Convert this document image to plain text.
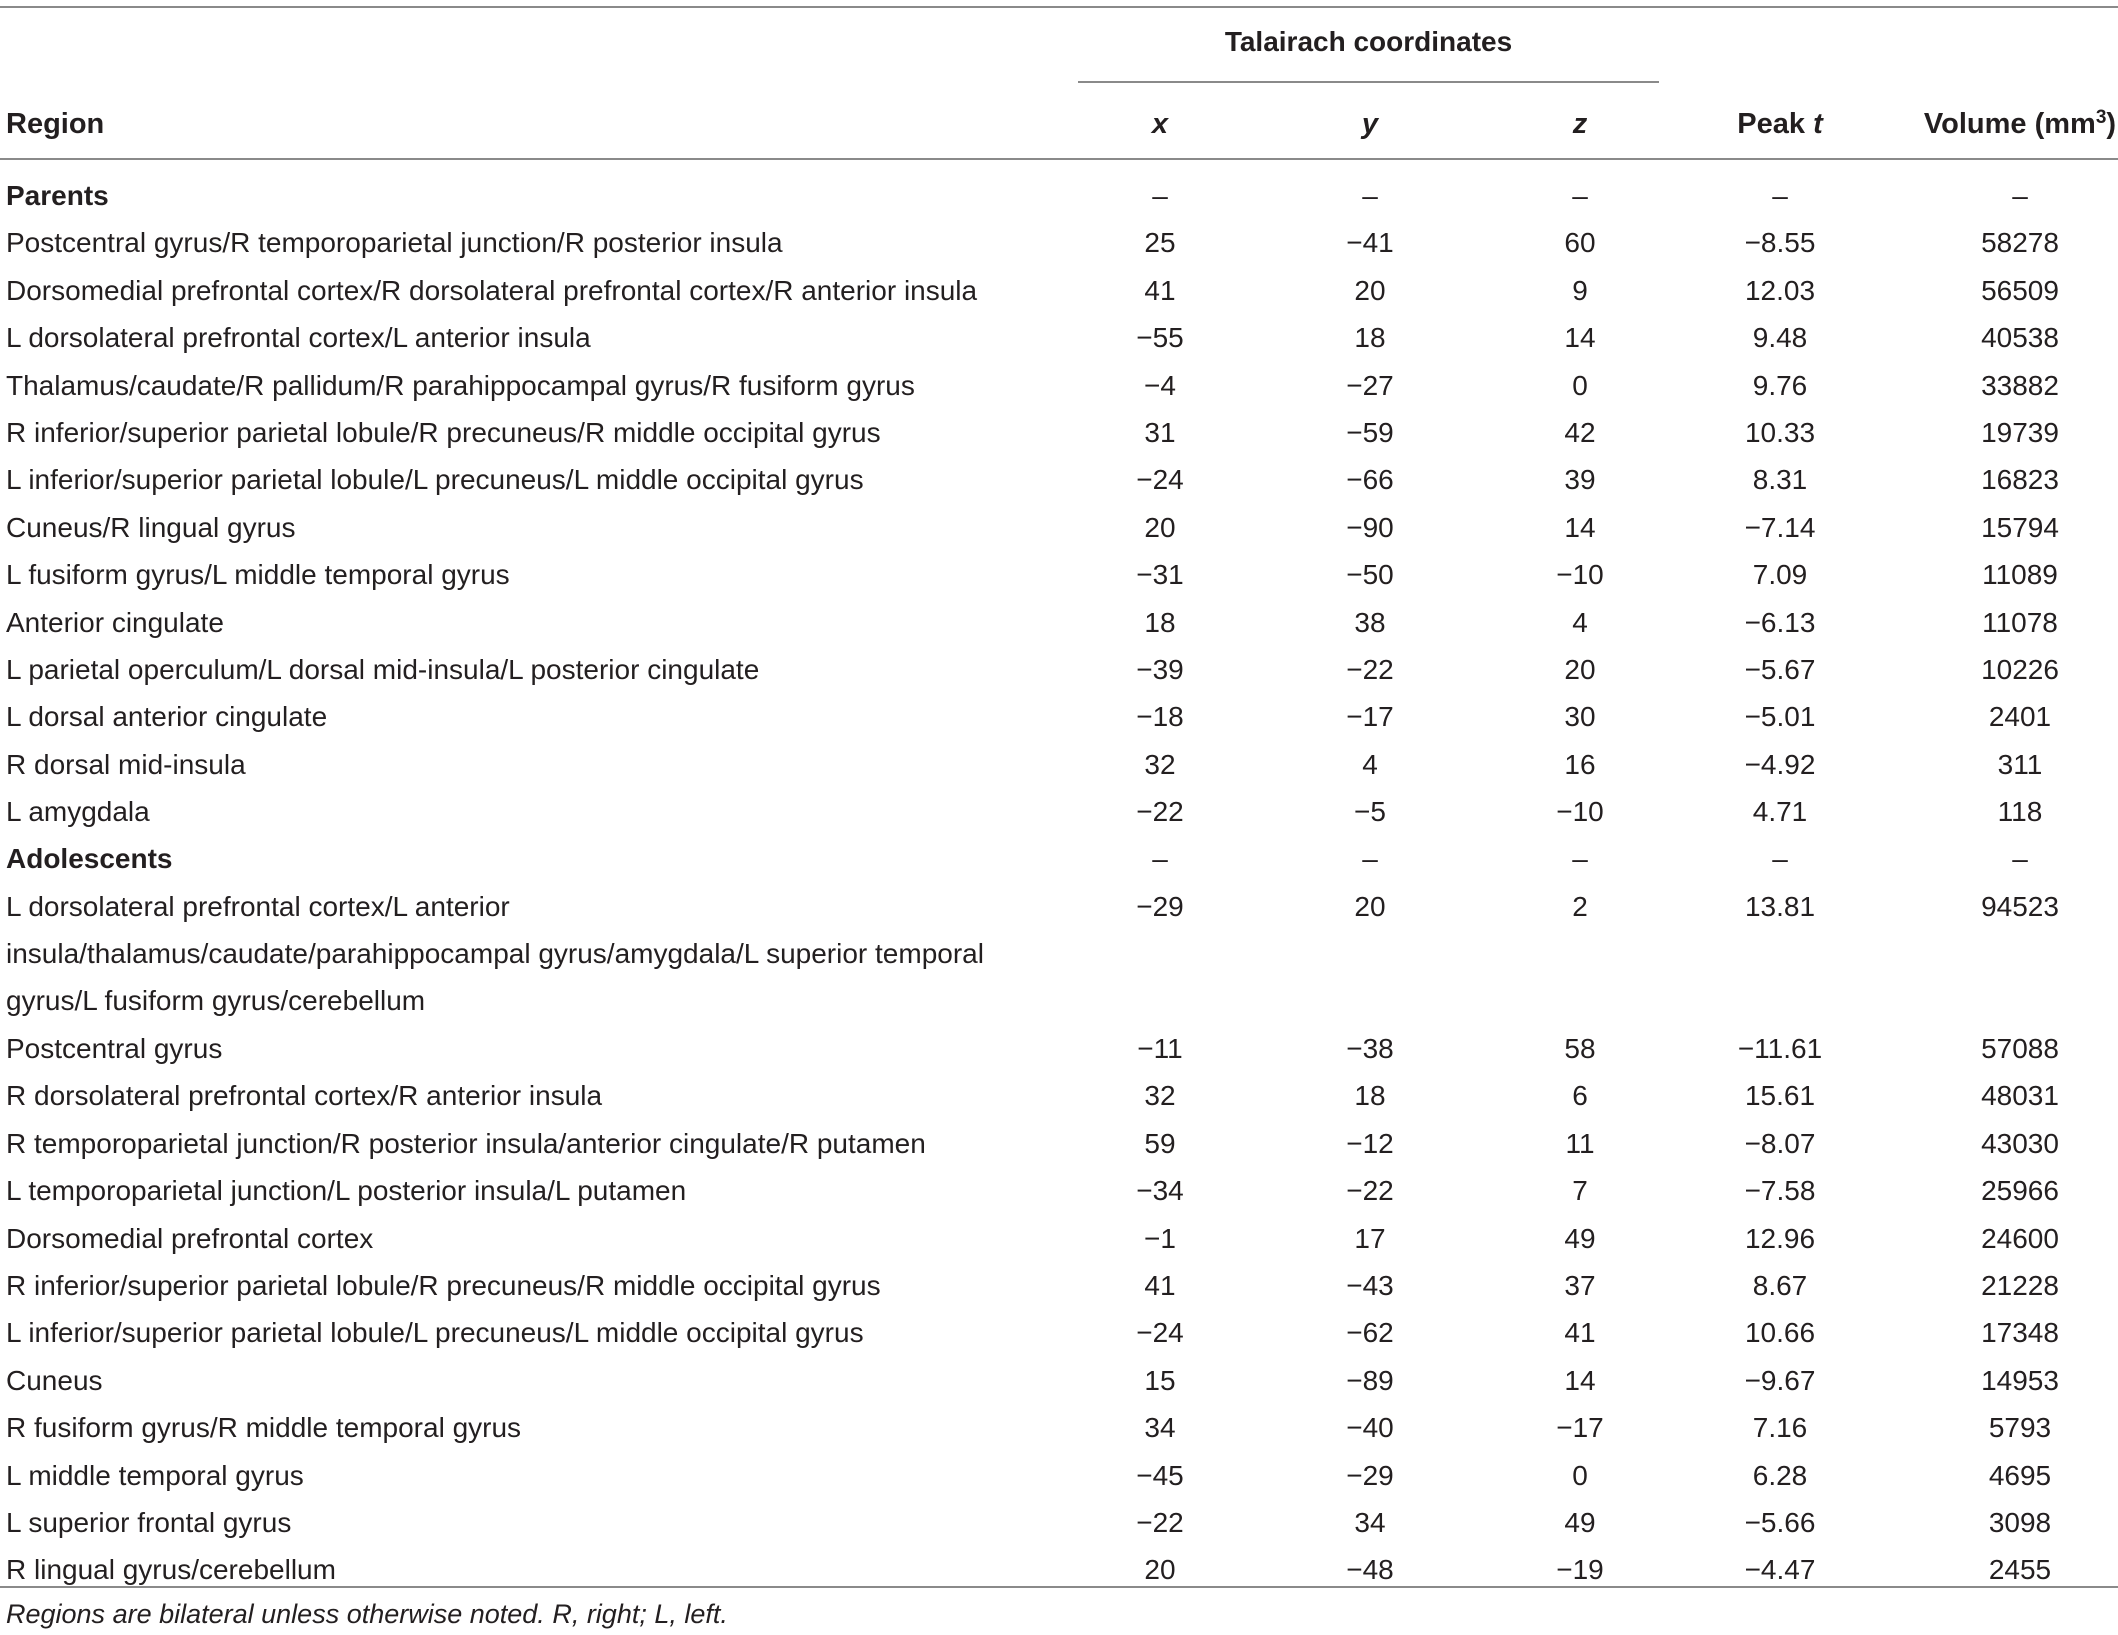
Talairach coordinates
Region	x	y	z	Peak t	Volume $(mm^3)$
Parents	–	–	–	–	–
Postcentral gyrus/R temporoparietal junction/R posterior insula	25	−41	60	−8.55	58278
Dorsomedial prefrontal cortex/R dorsolateral prefrontal cortex/R anterior insula	41	20	9	12.03	56509
L dorsolateral prefrontal cortex/L anterior insula	−55	18	14	9.48	40538
Thalamus/caudate/R pallidum/R parahippocampal gyrus/R fusiform gyrus	−4	−27	0	9.76	33882
R inferior/superior parietal lobule/R precuneus/R middle occipital gyrus	31	−59	42	10.33	19739
L inferior/superior parietal lobule/L precuneus/L middle occipital gyrus	−24	−66	39	8.31	16823
Cuneus/R lingual gyrus	20	−90	14	−7.14	15794
L fusiform gyrus/L middle temporal gyrus	−31	−50	−10	7.09	11089
Anterior cingulate	18	38	4	−6.13	11078
L parietal operculum/L dorsal mid-insula/L posterior cingulate	−39	−22	20	−5.67	10226
L dorsal anterior cingulate	−18	−17	30	−5.01	2401
R dorsal mid-insula	32	4	16	−4.92	311
L amygdala	−22	−5	−10	4.71	118
Adolescents	–	–	–	–	–
L dorsolateral prefrontal cortex/L anterior
insula/thalamus/caudate/parahippocampal gyrus/amygdala/L superior temporal
gyrus/L fusiform gyrus/cerebellum
−29	20	2	13.81	94523
Postcentral gyrus	−11	−38	58	−11.61	57088
R dorsolateral prefrontal cortex/R anterior insula	32	18	6	15.61	48031
R temporoparietal junction/R posterior insula/anterior cingulate/R putamen	59	−12	11	−8.07	43030
L temporoparietal junction/L posterior insula/L putamen	−34	−22	7	−7.58	25966
Dorsomedial prefrontal cortex	−1	17	49	12.96	24600
R inferior/superior parietal lobule/R precuneus/R middle occipital gyrus	41	−43	37	8.67	21228
L inferior/superior parietal lobule/L precuneus/L middle occipital gyrus	−24	−62	41	10.66	17348
Cuneus	15	−89	14	−9.67	14953
R fusiform gyrus/R middle temporal gyrus	34	−40	−17	7.16	5793
L middle temporal gyrus	−45	−29	0	6.28	4695
L superior frontal gyrus	−22	34	49	−5.66	3098
R lingual gyrus/cerebellum	20	−48	−19	−4.47	2455
Regions are bilateral unless otherwise noted. R, right; L, left.
